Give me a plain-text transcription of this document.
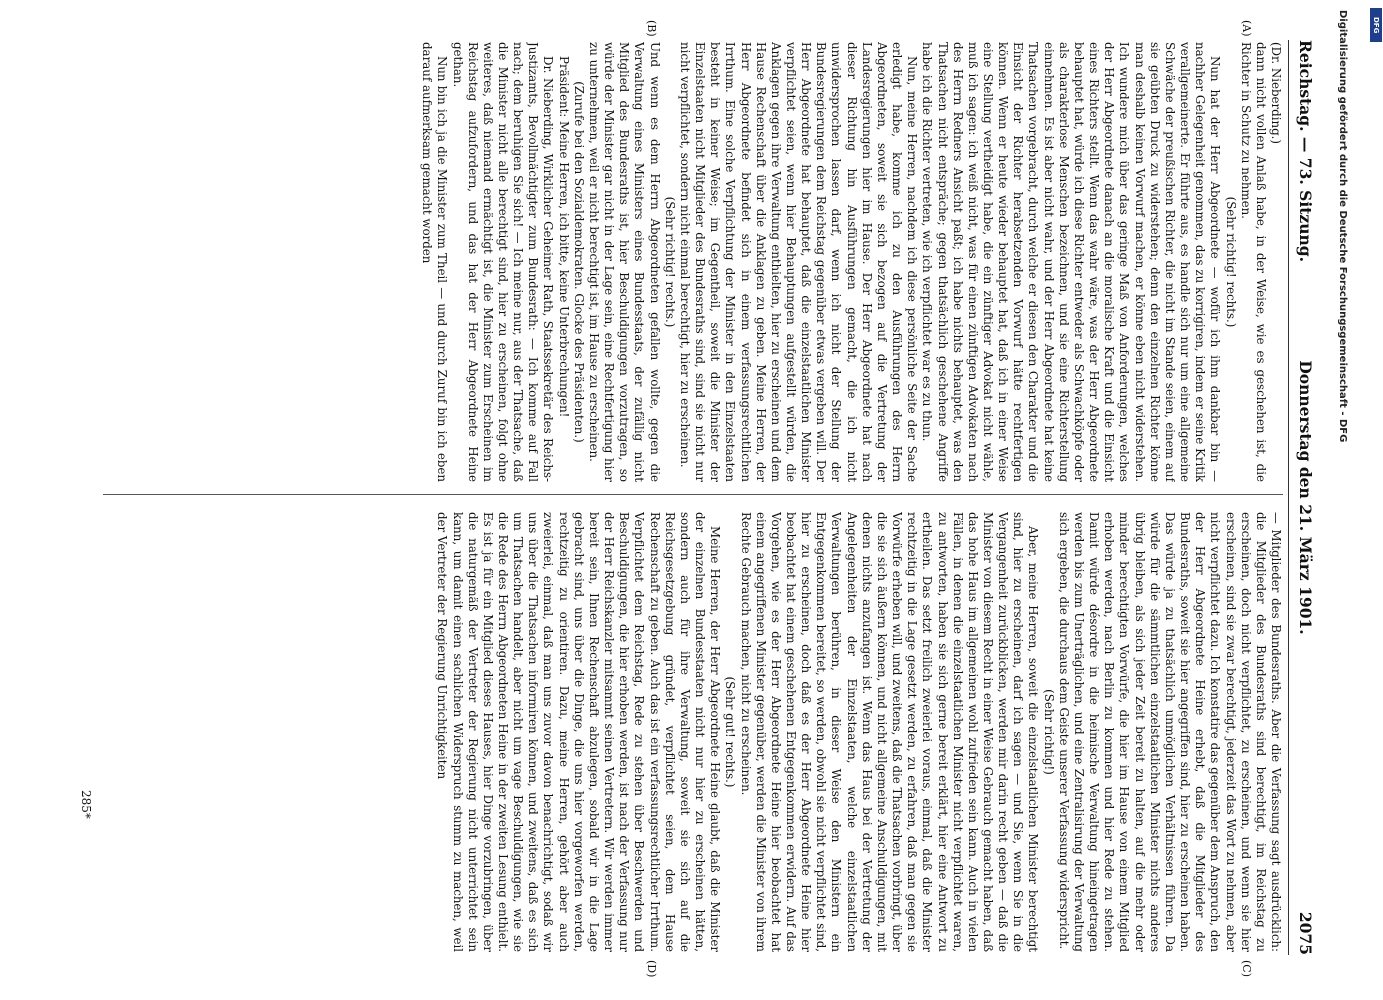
Reichstag. — 73. Sitzung.
Donnerstag den 21. März 1901.
2075
(A)
(B)
(C)
(D)

(Dr. Nieberding.)

dann nicht vollen Anlaß habe, in der Weise, wie es geschehen ist, die Richter in Schutz zu nehmen.

(Sehr richtig! rechts.)

Nun hat der Herr Abgeordnete — wofür ich ihm dankbar bin — nachher Gelegenheit genommen, das zu korrigiren, indem er seine Kritik verallgemeinerte. Er führte aus, es handle sich nur um eine allgemeine Schwäche der preußischen Richter, die nicht im Stande seien, einem auf sie geübten Druck zu widerstehen; denn den einzelnen Richter könne man deshalb keinen Vorwurf machen, er könne eben nicht widerstehen. Ich wundere mich über das geringe Maß von Anforderungen, welches der Herr Abgeordnete danach an die moralische Kraft und die Einsicht eines Richters stellt. Wenn das wahr wäre, was der Herr Abgeordnete behauptet hat, würde ich diese Richter entweder als Schwachköpfe oder als charakterlose Menschen bezeichnen, und sie eine Richterstellung einnehmen. Es ist aber nicht wahr, und der Herr Abgeordnete hat keine Thatsachen vorgebracht, durch welche er diesen den Charakter und die Einsicht der Richter herabsetzenden Vorwurf hätte rechtfertigen können. Wenn er heute wieder behauptet hat, daß ich in einer Weise eine Stellung vertheidigt habe, die ein zünftiger Advokat nicht wähle, muß ich sagen: ich weiß nicht, was für einen zünftigen Advokaten nach des Herrn Redners Ansicht paßt; ich habe nichts behauptet, was den Thatsachen nicht entspräche; gegen thatsächlich geschehene Angriffe habe ich die Richter vertreten, wie ich verpflichtet war es zu thun.

Nun, meine Herren, nachdem ich diese persönliche Seite der Sache erledigt habe, komme ich zu den Ausführungen des Herrn Abgeordneten, soweit sie sich bezogen auf die Vertretung der Landesregierungen hier im Hause. Der Herr Abgeordnete hat nach dieser Richtung hin Ausführungen gemacht, die ich nicht unwidersprochen lassen darf, wenn ich nicht der Stellung der Bundesregierungen dem Reichstag gegenüber etwas vergeben will. Der Herr Abgeordnete hat behauptet, daß die einzelstaatlichen Minister verpflichtet seien, wenn hier Behauptungen aufgestellt würden, die Anklagen gegen ihre Verwaltung enthielten, hier zu erscheinen und dem Hause Rechenschaft über die Anklagen zu geben. Meine Herren, der Herr Abgeordnete befindet sich in einem verfassungsrechtlichen Irrthum. Eine solche Verpflichtung der Minister in den Einzelstaaten besteht in keiner Weise; im Gegentheil, soweit die Minister der Einzelstaaten nicht Mitglieder des Bundesraths sind, sind sie nicht nur nicht verpflichtet, sondern nicht einmal berechtigt, hier zu erscheinen.

(Sehr richtig! rechts.)

Und wenn es dem Herrn Abgeordneten gefallen wollte, gegen die Verwaltung eines Ministers eines Bundesstaats, der zufällig nicht Mitglied des Bundesraths ist, hier Beschuldigungen vorzutragen, so würde der Minister gar nicht in der Lage sein, eine Rechtfertigung hier zu unternehmen, weil er nicht berechtigt ist, im Hause zu erscheinen.

(Zurufe bei den Sozialdemokraten. Glocke des Präsidenten.)

Präsident: Meine Herren, ich bitte, keine Unterbrechungen!

Dr. Nieberding, Wirklicher Geheimer Rath, Staatssekretär des Reichs-Justizamts, Bevollmächtigter zum Bundesrath: — Ich komme auf Fall nach; dem beruhigen Sie sich! — Ich meine nur, aus der Thatsache, daß die Minister nicht alle berechtigt sind, hier zu erscheinen, folgt ohne weiteres, daß niemand ermächtigt ist, die Minister zum Erscheinen im Reichstag aufzufordern, und das hat der Herr Abgeordnete Heine gethan.

Nun bin ich ja die Minister zum Theil — und durch Zuruf bin ich eben darauf aufmerksam gemacht worden

— Mitglieder des Bundesraths. Aber die Verfassung sagt ausdrücklich: die Mitglieder des Bundesraths sind berechtigt, im Reichstag zu erscheinen, doch nicht verpflichtet, zu erscheinen, und wenn sie hier erscheinen, sind sie zwar berechtigt, jederzeit das Wort zu nehmen, aber nicht verpflichtet dazu. Ich konstatire das gegenüber dem Anspruch, den der Herr Abgeordnete Heine erhebt, daß die Mitglieder des Bundesraths, soweit sie hier angegriffen sind, hier zu erscheinen haben. Das würde ja zu thatsächlich unmöglichen Verhältnissen führen. Da würde für die sämmtlichen einzelstaatlichen Minister nichts anderes übrig bleiben, als sich jeder Zeit bereit zu halten, auf die mehr oder minder berechtigten Vorwürfe, die hier im Hause von einem Mitglied erhoben werden, nach Berlin zu kommen und hier Rede zu stehen. Damit würde désordre in die heimische Verwaltung hineingetragen werden bis zum Unerträglichen, und eine Zentralisirung der Verwaltung sich ergeben, die durchaus dem Geiste unserer Verfassung widerspricht.

(Sehr richtig!)

Aber, meine Herren, soweit die einzelstaatlichen Minister berechtigt sind, hier zu erscheinen, darf ich sagen — und Sie, wenn Sie in die Vergangenheit zurückblicken, werden mir darin recht geben — daß die Minister von diesem Recht in einer Weise Gebrauch gemacht haben, daß das hohe Haus im allgemeinen wohl zufrieden sein kann. Auch in vielen Fällen, in denen die einzelstaatlichen Minister nicht verpflichtet waren, zu antworten, haben sie sich gerne bereit erklärt, hier eine Antwort zu ertheilen. Das setzt freilich zweierlei voraus, einmal, daß die Minister rechtzeitig in die Lage gesetzt werden, zu erfahren, daß man gegen sie Vorwürfe erheben will, und zweitens, daß die Thatsachen vorbringt, über die sie sich äußern können, und nicht allgemeine Anschuldigungen, mit denen nichts anzufangen ist. Wenn das Haus bei der Vertretung der Angelegenheiten der Einzelstaaten, welche einzelstaatlichen Verwaltungen berühren, in dieser Weise den Ministern ein Entgegenkommen bereitet, so werden, obwohl sie nicht verpflichtet sind, hier zu erscheinen, doch daß es der Herr Abgeordnete Heine hier beobachtet hat einem geschehenen Entgegenkommen erwidern. Auf das Vorgehen, wie es der Herr Abgeordnete Heine hier beobachtet hat einem angegriffenen Minister gegenüber, werden die Minister von ihrem Rechte Gebrauch machen, nicht zu erscheinen.

(Sehr gut! rechts.)

Meine Herren, der Herr Abgeordnete Heine glaubt, daß die Minister der einzelnen Bundesstaaten nicht nur hier zu erscheinen hätten, sondern auch für ihre Verwaltung, soweit sie sich auf die Reichsgesetzgebung gründet, verpflichtet seien, dem Hause Rechenschaft zu geben. Auch das ist ein verfassungsrechtlicher Irrthum. Verpflichtet dem Reichstag, Rede zu stehen über Beschwerden und Beschuldigungen, die hier erhoben werden, ist nach der Verfassung nur der Herr Reichskanzler mitsammt seinen Vertretern. Wir werden immer bereit sein, Ihnen Rechenschaft abzulegen, sobald wir in die Lage gebracht sind, uns über die Dinge, die uns hier vorgeworfen werden, rechtzeitig zu orientiren. Dazu, meine Herren, gehört aber auch zweierlei, einmal, daß man uns zuvor davon benachrichtigt, sodaß wir uns über die Thatsachen informiren können, und zweitens, daß es sich um Thatsachen handelt, aber nicht um vage Beschuldigungen, wie sie die Rede des Herrn Abgeordneten Heine in der zweiten Lesung enthielt. Es ist ja für ein Mitglied dieses Hauses, hier Dinge vorzubringen, über die naturgemäß der Vertreter der Regierung nicht unterrichtet sein kann, um damit einen sachlichen Widerspruch stumm zu machen, weil der Vertreter der Regierung Unrichtigkeiten

285*
Digitalisierung gefördert durch die Deutsche Forschungsgemeinschaft - DFG	DFG
